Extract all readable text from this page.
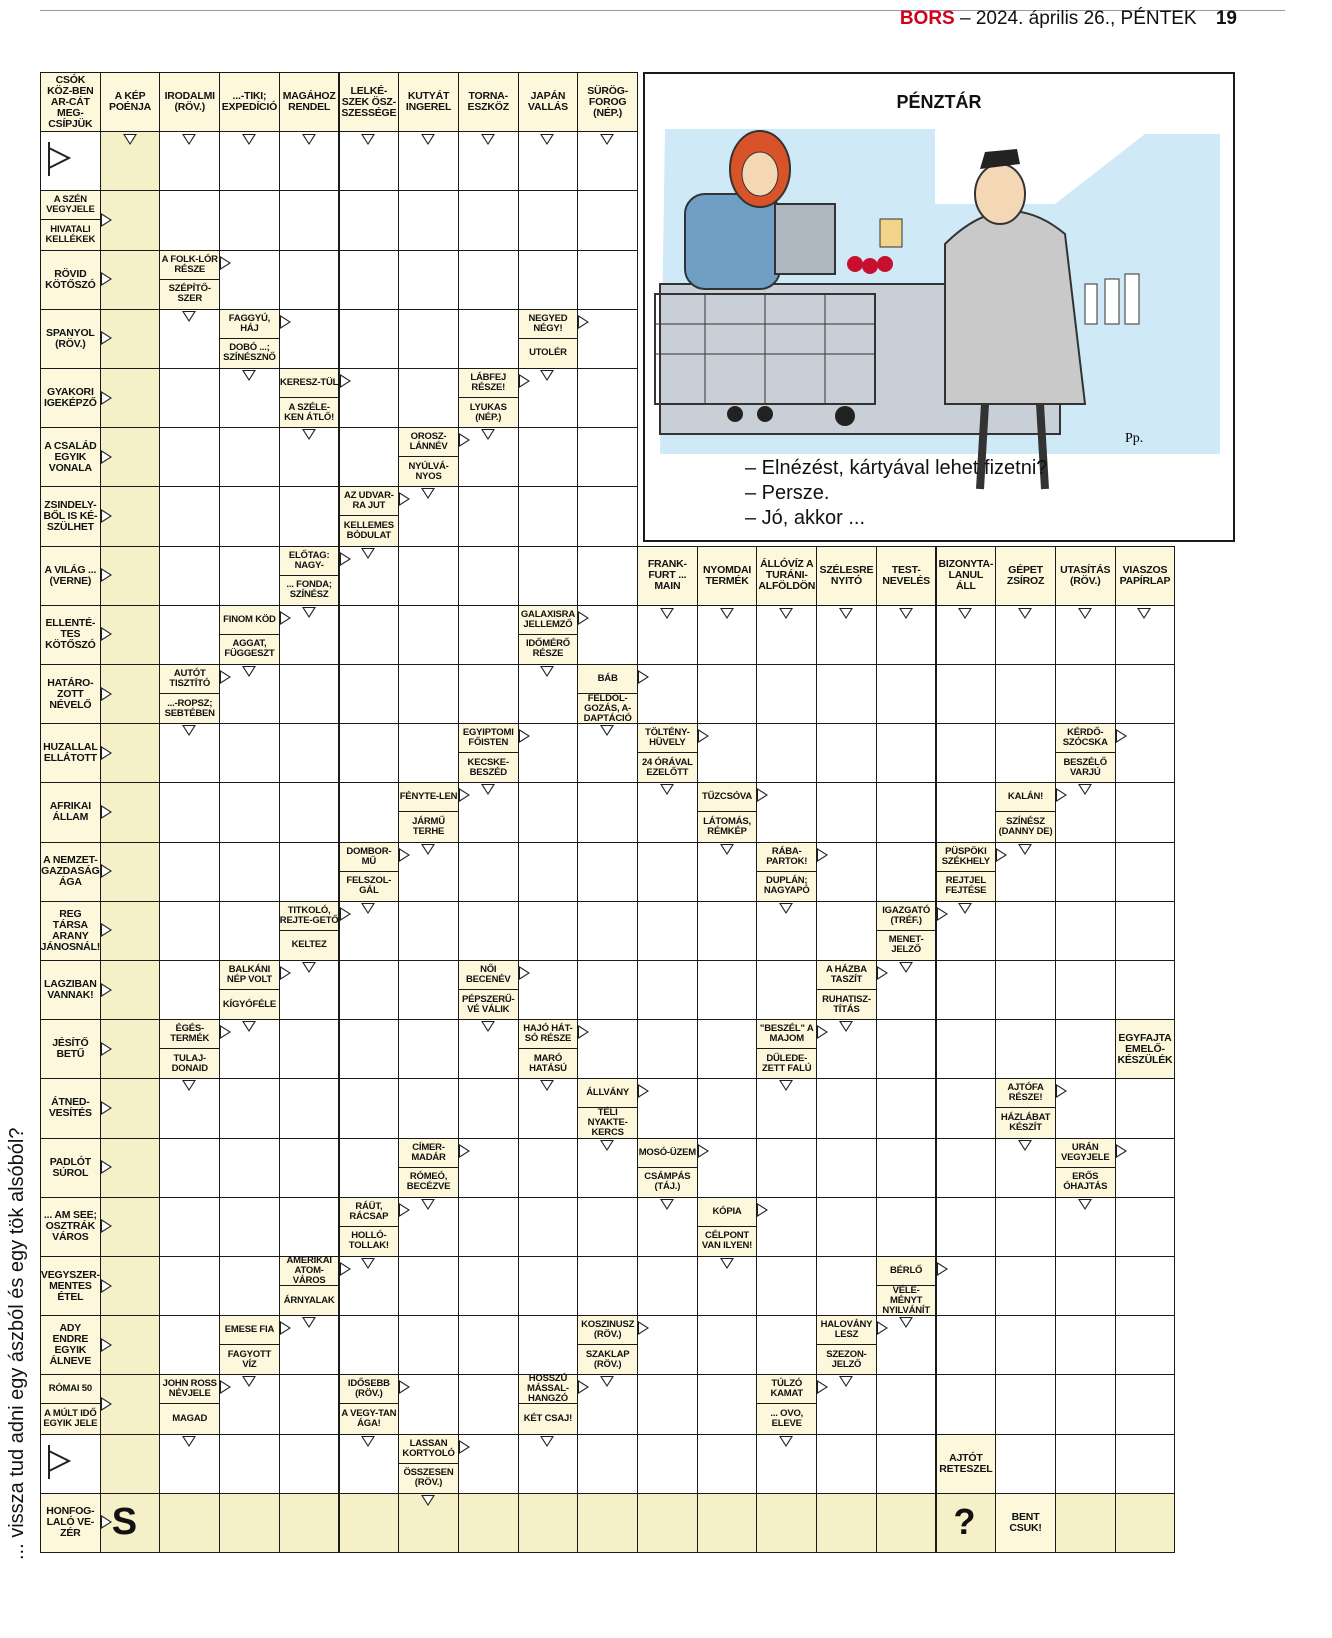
BORS – 2024. április 26., PÉNTEK 19
CSÓK KÖZ-BEN AR-CÁT MEG-CSÍPJÜK
A KÉP POÉNJA
IRODALMI (RÖV.)
...-TIKI; EXPEDÍCIÓ
MAGÁHOZ RENDEL
LELKÉ-SZEK ÖSZ-SZESSÉGE
KUTYÁT INGEREL
TORNA-ESZKÖZ
JAPÁN VALLÁS
SÜRÖG-FOROG (NÉP.)
A SZÉN VEGYJELE
HIVATALI KELLÉKEK
RÖVID KÖTŐSZÓ
A FOLK-LÓR RÉSZE
SZÉPÍTŐ-SZER
SPANYOL (RÖV.)
FAGGYÚ, HÁJ
DOBÓ ...; SZÍNÉSZNŐ
NEGYED NÉGY!
UTOLÉR
GYAKORI IGEKÉPZŐ
KERESZ-TÜL
A SZÉLE-KEN ÁTLŐ!
LÁBFEJ RÉSZE!
LYUKAS (NÉP.)
A CSALÁD EGYIK VONALA
OROSZ-LÁNNÉV
NYÚLVÁ-NYOS
ZSINDELY-BŐL IS KÉ-SZÜLHET
AZ UDVAR-RA JUT
KELLEMES BÓDULAT
A VILÁG ... (VERNE)
ELŐTAG: NAGY-
... FONDA; SZÍNÉSZ
FRANK-FURT ... MAIN
NYOMDAI TERMÉK
ÁLLÓVÍZ A TURÁNI-ALFÖLDÖN
SZÉLESRE NYITÓ
TEST-NEVELÉS
BIZONYTA-LANUL ÁLL
GÉPET ZSÍROZ
UTASÍTÁS (RÖV.)
VIASZOS PAPÍRLAP
ELLENTÉ-TES KÖTŐSZÓ
FINOM KÖD
AGGAT, FÜGGESZT
GALAXISRA JELLEMZŐ
IDŐMÉRŐ RÉSZE
HATÁRO-ZOTT NÉVELŐ
AUTÓT TISZTÍTÓ
...-ROPSZ; SEBTÉBEN
BÁB
FELDOL-GOZÁS, A-DAPTÁCIÓ
HUZALLAL ELLÁTOTT
EGYIPTOMI FŐISTEN
KECSKE-BESZÉD
TÖLTÉNY-HÜVELY
24 ÓRÁVAL EZELŐTT
KÉRDŐ-SZÓCSKA
BESZÉLŐ VARJÚ
AFRIKAI ÁLLAM
FÉNYTE-LEN
JÁRMŰ TERHE
TŰZCSÓVA
LÁTOMÁS, RÉMKÉP
KALÁN!
SZÍNÉSZ (DANNY DE)
A NEMZET-GAZDASÁG ÁGA
DOMBOR-MŰ
FELSZOL-GÁL
RÁBA-PARTOK!
DUPLÁN; NAGYAPÓ
PÜSPÖKI SZÉKHELY
REJTJEL FEJTÉSE
REG TÁRSA ARANY JÁNOSNÁL!
TITKOLÓ, REJTE-GETŐ
KELTEZ
IGAZGATÓ (TRÉF.)
MENET-JELZŐ
LAGZIBAN VANNAK!
BALKÁNI NÉP VOLT
KÍGYÓFÉLE
NŐI BECENÉV
PÉPSZERŰ-VÉ VÁLIK
A HÁZBA TASZÍT
RUHATISZ-TÍTÁS
JÉSÍTŐ BETŰ
ÉGÉS-TERMÉK
TULAJ-DONAID
HAJÓ HÁT-SÓ RÉSZE
MARÓ HATÁSÚ
"BESZÉL" A MAJOM
DŰLEDE-ZETT FALÚ
EGYFAJTA EMELŐ-KÉSZÜLÉK
ÁTNED-VESÍTÉS
ÁLLVÁNY
TÉLI NYAKTE-KERCS
AJTÓFA RÉSZE!
HÁZLÁBAT KÉSZÍT
PADLÓT SÚROL
CÍMER-MADÁR
RÓMEÓ, BECÉZVE
MOSÓ-ÜZEM
CSÁMPÁS (TÁJ.)
URÁN VEGYJELE
ERŐS ÓHAJTÁS
... AM SEE; OSZTRÁK VÁROS
RÁÜT, RÁCSAP
HOLLÓ-TOLLAK!
KÓPIA
CÉLPONT VAN ILYEN!
VEGYSZER-MENTES ÉTEL
AMERIKAI ATOM-VÁROS
ÁRNYALAK
BÉRLŐ
VÉLE-MÉNYT NYILVÁNÍT
ADY ENDRE EGYIK ÁLNEVE
EMESE FIA
FAGYOTT VÍZ
KOSZINUSZ (RÖV.)
SZAKLAP (RÖV.)
HALOVÁNY LESZ
SZEZON-JELZŐ
RÓMAI 50
A MÚLT IDŐ EGYIK JELE
JOHN ROSS NÉVJELE
MAGAD
IDŐSEBB (RÖV.)
A VEGY-TAN ÁGA!
HOSSZÚ MÁSSAL-HANGZÓ
KÉT CSAJ!
TÚLZÓ KAMAT
... OVO, ELEVE
LASSAN KORTYOLÓ
ÖSSZESEN (RÖV.)
AJTÓT RETESZEL
HONFOG-LALÓ VE-ZÉR
BENT CSUK!
S	?
PÉNZTÁR
Pp.
– Elnézést, kártyával lehet fizetni?
– Persze.
– Jó, akkor ...
... vissza tud adni egy ászból és egy tök alsóból?
